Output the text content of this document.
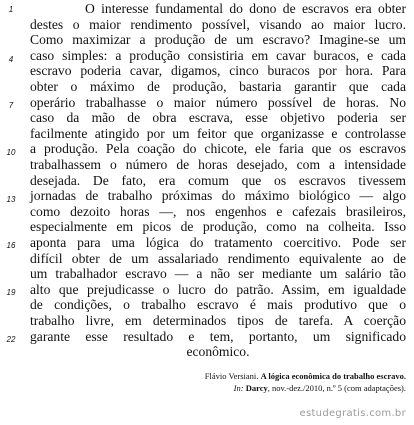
1
4
7
10
13
16
19
22
O interesse fundamental do dono de escravos era obter
destes o maior rendimento possível, visando ao maior lucro.
Como maximizar a produção de um escravo? Imagine-se um
caso simples: a produção consistiria em cavar buracos, e cada
escravo poderia cavar, digamos, cinco buracos por hora. Para
obter o máximo de produção, bastaria garantir que cada
operário trabalhasse o maior número possível de horas. No
caso da mão de obra escrava, esse objetivo poderia ser
facilmente atingido por um feitor que organizasse e controlasse
a produção. Pela coação do chicote, ele faria que os escravos
trabalhassem o número de horas desejado, com a intensidade
desejada. De fato, era comum que os escravos tivessem
jornadas de trabalho próximas do máximo biológico — algo
como dezoito horas —, nos engenhos e cafezais brasileiros,
especialmente em picos de produção, como na colheita. Isso
aponta para uma lógica do tratamento coercitivo. Pode ser
difícil obter de um assalariado rendimento equivalente ao de
um trabalhador escravo — a não ser mediante um salário tão
alto que prejudicasse o lucro do patrão. Assim, em igualdade
de condições, o trabalho escravo é mais produtivo que o
trabalho livre, em determinados tipos de tarefa. A coerção
garante esse resultado e tem, portanto, um significado
econômico.
Flávio Versiani. A lógica econômica do trabalho escravo.
In: Darcy, nov.-dez./2010, n.º 5 (com adaptações).
estudegratis.com.br
